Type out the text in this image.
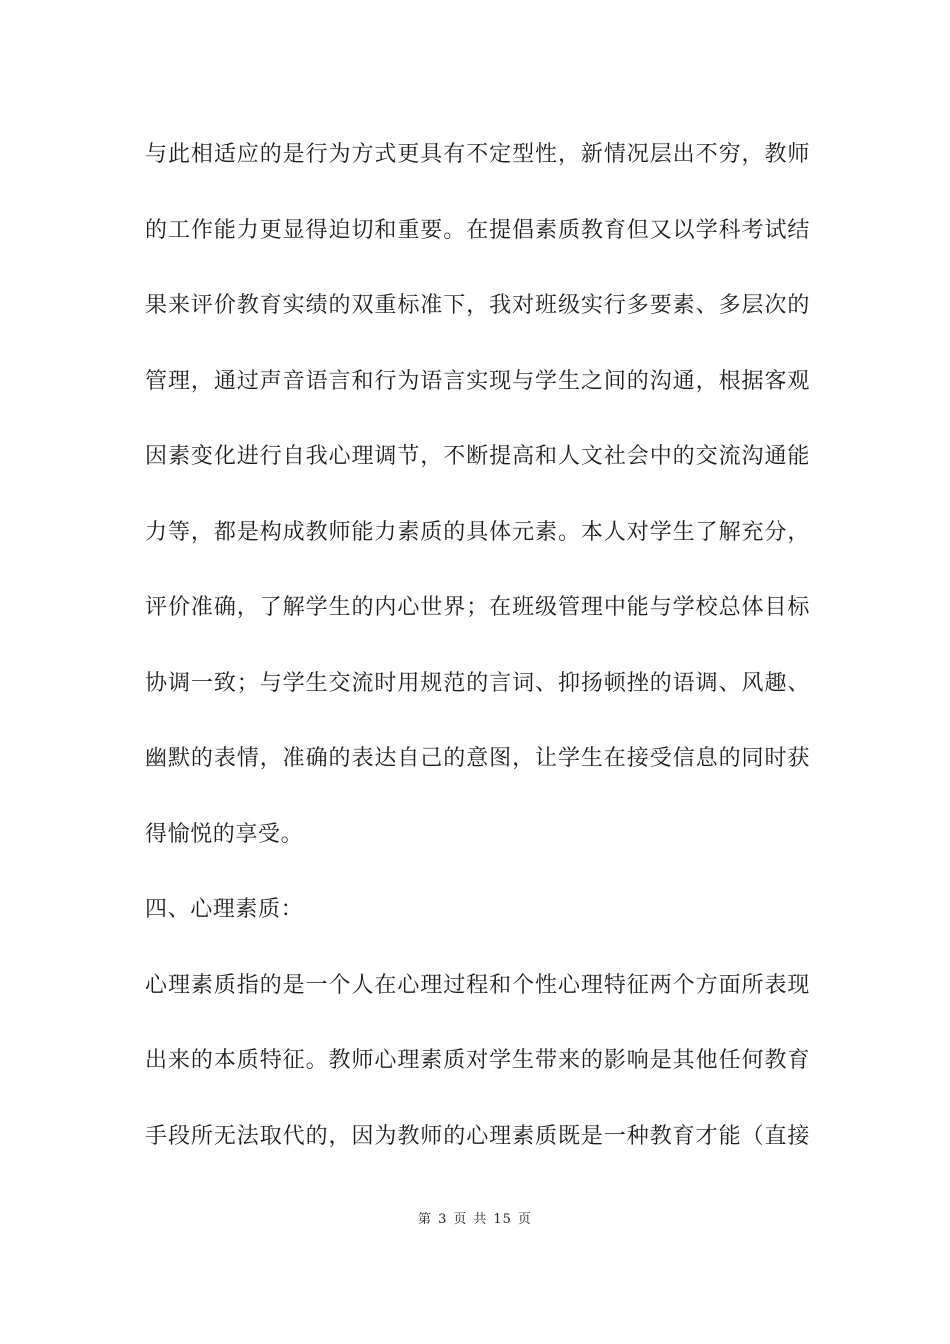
与此相适应的是行为方式更具有不定型性，新情况层出不穷，教师
的工作能力更显得迫切和重要。在提倡素质教育但又以学科考试结
果来评价教育实绩的双重标准下，我对班级实行多要素、多层次的
管理，通过声音语言和行为语言实现与学生之间的沟通，根据客观
因素变化进行自我心理调节，不断提高和人文社会中的交流沟通能
力等，都是构成教师能力素质的具体元素。本人对学生了解充分，
评价准确，了解学生的内心世界；在班级管理中能与学校总体目标
协调一致；与学生交流时用规范的言词、抑扬顿挫的语调、风趣、
幽默的表情，准确的表达自己的意图，让学生在接受信息的同时获
得愉悦的享受。
四、心理素质：
心理素质指的是一个人在心理过程和个性心理特征两个方面所表现
出来的本质特征。教师心理素质对学生带来的影响是其他任何教育
手段所无法取代的，因为教师的心理素质既是一种教育才能（直接
第 3 页 共 15 页
